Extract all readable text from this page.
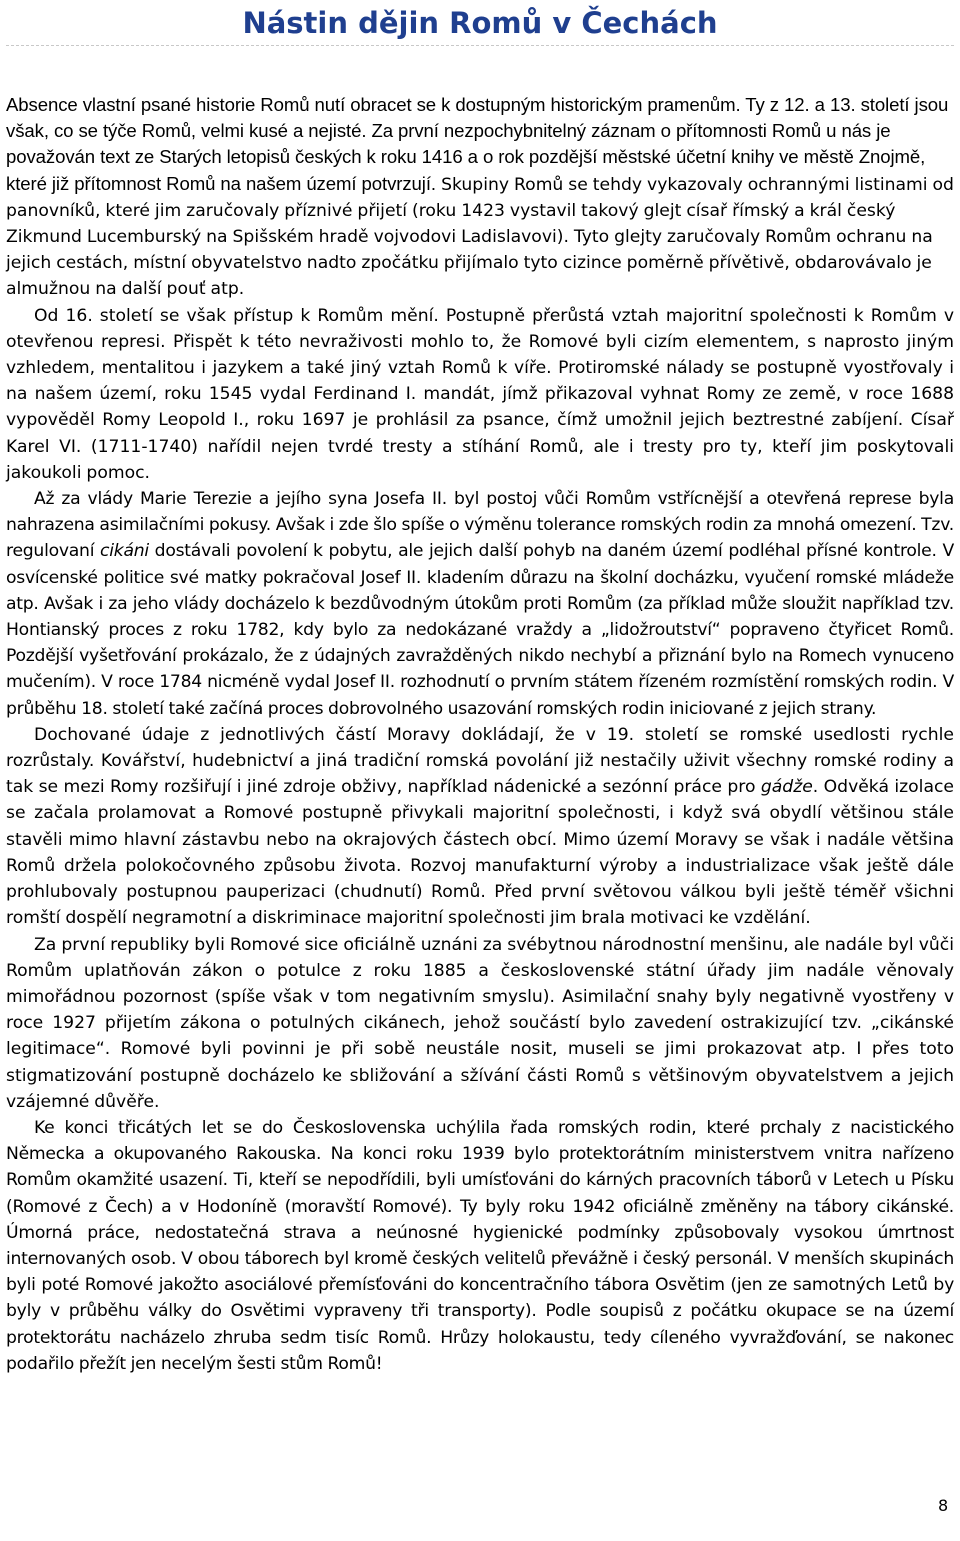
Nástin dějin Romů v Čechách

Absence vlastní psané historie Romů nutí obracet se k dostupným historickým pramenům. Ty z 12. a 13. století jsou však, co se týče Romů, velmi kusé a nejisté. Za první nezpochybnitelný záznam o přítomnosti Romů u nás je považován text ze Starých letopisů českých k roku 1416 a o rok pozdější městské účetní knihy ve městě Znojmě, které již přítomnost Romů na našem území potvrzují. Skupiny Romů se tehdy vykazovaly ochrannými listinami od panovníků, které jim zaručovaly příznivé přijetí (roku 1423 vystavil takový glejt císař římský a král český Zikmund Lucemburský na Spišském hradě vojvodovi Ladislavovi). Tyto glejty zaručovaly Romům ochranu na jejich cestách, místní obyvatelstvo nadto zpočátku přijímalo tyto cizince poměrně přívětivě, obdarovávalo je almužnou na další pouť atp.

Od 16. století se však přístup k Romům mění. Postupně přerůstá vztah majoritní společnosti k Romům v otevřenou represi. Přispět k této nevraživosti mohlo to, že Romové byli cizím elementem, s naprosto jiným vzhledem, mentalitou i jazykem a také jiný vztah Romů k víře. Protiromské nálady se postupně vyostřovaly i na našem území, roku 1545 vydal Ferdinand I. mandát, jímž přikazoval vyhnat Romy ze země, v roce 1688 vypověděl Romy Leopold I., roku 1697 je prohlásil za psance, čímž umožnil jejich beztrestné zabíjení. Císař Karel VI. (1711-1740) nařídil nejen tvrdé tresty a stíhání Romů, ale i tresty pro ty, kteří jim poskytovali jakoukoli pomoc.

Až za vlády Marie Terezie a jejího syna Josefa II. byl postoj vůči Romům vstřícnější a otevřená represe byla nahrazena asimilačními pokusy. Avšak i zde šlo spíše o výměnu tolerance romských rodin za mnohá omezení. Tzv. regulovaní cikáni dostávali povolení k pobytu, ale jejich další pohyb na daném území podléhal přísné kontrole. V osvícenské politice své matky pokračoval Josef II. kladením důrazu na školní docházku, vyučení romské mládeže atp. Avšak i za jeho vlády docházelo k bezdůvodným útokům proti Romům (za příklad může sloužit například tzv. Hontianský proces z roku 1782, kdy bylo za nedokázané vraždy a „lidožroutství“ popraveno čtyřicet Romů. Pozdější vyšetřování prokázalo, že z údajných zavražděných nikdo nechybí a přiznání bylo na Romech vynuceno mučením). V roce 1784 nicméně vydal Josef II. rozhodnutí o prvním státem řízeném rozmístění romských rodin. V průběhu 18. století také začíná proces dobrovolného usazování romských rodin iniciované z jejich strany.

Dochované údaje z jednotlivých částí Moravy dokládají, že v 19. století se romské usedlosti rychle rozrůstaly. Kovářství, hudebnictví a jiná tradiční romská povolání již nestačily uživit všechny romské rodiny a tak se mezi Romy rozšiřují i jiné zdroje obživy, například nádenické a sezónní práce pro gádže. Odvěká izolace se začala prolamovat a Romové postupně přivykali majoritní společnosti, i když svá obydlí většinou stále stavěli mimo hlavní zástavbu nebo na okrajových částech obcí. Mimo území Moravy se však i nadále většina Romů držela polokočovného způsobu života. Rozvoj manufakturní výroby a industrializace však ještě dále prohlubovaly postupnou pauperizaci (chudnutí) Romů. Před první světovou válkou byli ještě téměř všichni romští dospělí negramotní a diskriminace majoritní společnosti jim brala motivaci ke vzdělání.

Za první republiky byli Romové sice oficiálně uznáni za svébytnou národnostní menšinu, ale nadále byl vůči Romům uplatňován zákon o potulce z roku 1885 a československé státní úřady jim nadále věnovaly mimořádnou pozornost (spíše však v tom negativním smyslu). Asimilační snahy byly negativně vyostřeny v roce 1927 přijetím zákona o potulných cikánech, jehož součástí bylo zavedení ostrakizující tzv. „cikánské legitimace“. Romové byli povinni je při sobě neustále nosit, museli se jimi prokazovat atp. I přes toto stigmatizování postupně docházelo ke sbližování a sžívání části Romů s většinovým obyvatelstvem a jejich vzájemné důvěře.

Ke konci třicátých let se do Československa uchýlila řada romských rodin, které prchaly z nacistického Německa a okupovaného Rakouska. Na konci roku 1939 bylo protektorátním ministerstvem vnitra nařízeno Romům okamžité usazení. Ti, kteří se nepodřídili, byli umísťováni do kárných pracovních táborů v Letech u Písku (Romové z Čech) a v Hodoníně (moravští Romové). Ty byly roku 1942 oficiálně změněny na tábory cikánské. Úmorná práce, nedostatečná strava a neúnosné hygienické podmínky způsobovaly vysokou úmrtnost internovaných osob. V obou táborech byl kromě českých velitelů převážně i český personál. V menších skupinách byli poté Romové jakožto asociálové přemísťováni do koncentračního tábora Osvětim (jen ze samotných Letů by byly v průběhu války do Osvětimi vypraveny tři transporty). Podle soupisů z počátku okupace se na území protektorátu nacházelo zhruba sedm tisíc Romů. Hrůzy holokaustu, tedy cíleného vyvražďování, se nakonec podařilo přežít jen necelým šesti stům Romů!

8
